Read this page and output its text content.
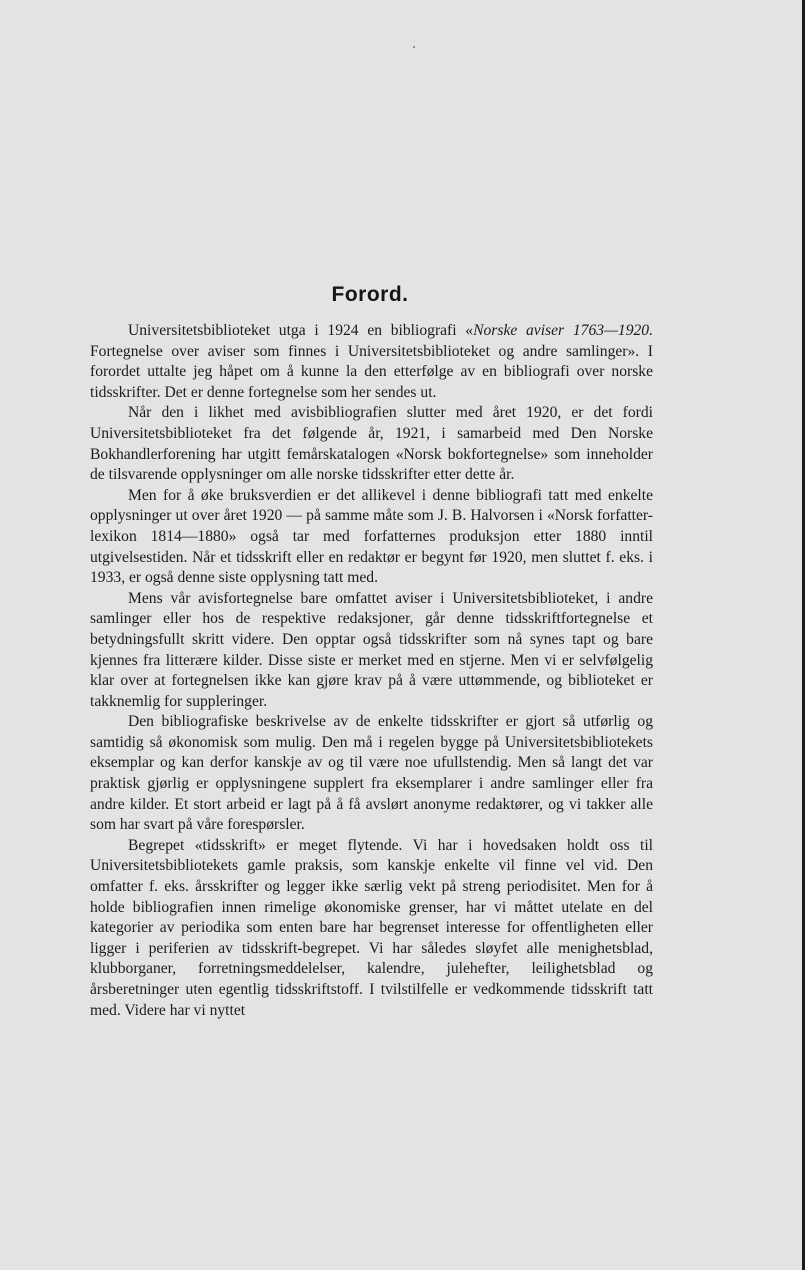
Forord.

Universitetsbiblioteket utga i 1924 en bibliografi «Norske aviser 1763—1920. Fortegnelse over aviser som finnes i Universitetsbiblioteket og andre samlinger». I forordet uttalte jeg håpet om å kunne la den etterfølge av en bibliografi over norske tidsskrifter. Det er denne fortegnelse som her sendes ut.

Når den i likhet med avisbibliografien slutter med året 1920, er det fordi Universitetsbiblioteket fra det følgende år, 1921, i samarbeid med Den Norske Bokhandlerforening har utgitt femårskatalogen «Norsk bokfortegnelse» som inneholder de tilsvarende opplysninger om alle norske tidsskrifter etter dette år.

Men for å øke bruksverdien er det allikevel i denne bibliografi tatt med enkelte opplysninger ut over året 1920 — på samme måte som J. B. Halvorsen i «Norsk forfatter-lexikon 1814—1880» også tar med forfatternes produksjon etter 1880 inntil utgivelsestiden. Når et tidsskrift eller en redaktør er begynt før 1920, men sluttet f. eks. i 1933, er også denne siste opplysning tatt med.

Mens vår avisfortegnelse bare omfattet aviser i Universitetsbiblioteket, i andre samlinger eller hos de respektive redaksjoner, går denne tidsskriftfortegnelse et betydningsfullt skritt videre. Den opptar også tidsskrifter som nå synes tapt og bare kjennes fra litterære kilder. Disse siste er merket med en stjerne. Men vi er selvfølgelig klar over at fortegnelsen ikke kan gjøre krav på å være uttømmende, og biblioteket er takknemlig for suppleringer.

Den bibliografiske beskrivelse av de enkelte tidsskrifter er gjort så utførlig og samtidig så økonomisk som mulig. Den må i regelen bygge på Universitetsbibliotekets eksemplar og kan derfor kanskje av og til være noe ufullstendig. Men så langt det var praktisk gjørlig er opplysningene supplert fra eksemplarer i andre samlinger eller fra andre kilder. Et stort arbeid er lagt på å få avslørt anonyme redaktører, og vi takker alle som har svart på våre forespørsler.

Begrepet «tidsskrift» er meget flytende. Vi har i hovedsaken holdt oss til Universitetsbibliotekets gamle praksis, som kanskje enkelte vil finne vel vid. Den omfatter f. eks. årsskrifter og legger ikke særlig vekt på streng periodisitet. Men for å holde bibliografien innen rimelige økonomiske grenser, har vi måttet utelate en del kategorier av periodika som enten bare har begrenset interesse for offentligheten eller ligger i periferien av tidsskrift-begrepet. Vi har således sløyfet alle menighetsblad, klubborganer, forretningsmeddelelser, kalendre, julehefter, leilighetsblad og årsberetninger uten egentlig tidsskriftstoff. I tvilstilfelle er vedkommende tidsskrift tatt med. Videre har vi nyttet
